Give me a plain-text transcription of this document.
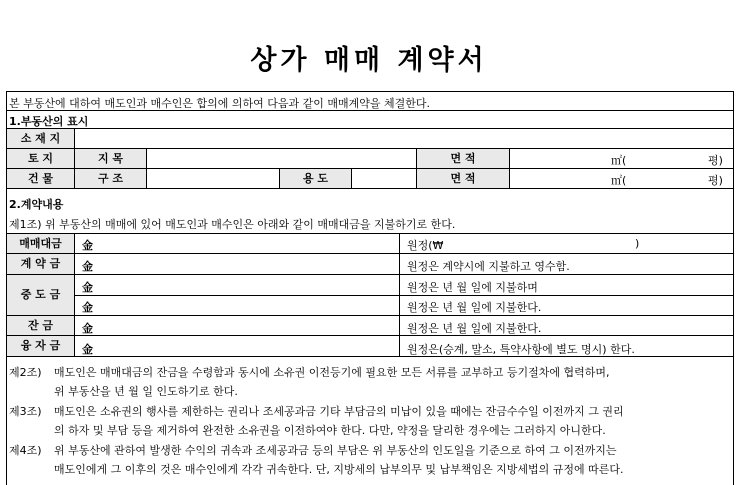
상가 매매 계약서
본 부동산에 대하여 매도인과 매수인은 합의에 의하여 다음과 같이 매매계약을 체결한다.
1.부동산의 표시
소 재 지
토 지	지 목	면 적	㎡(	평)
건 물	구 조	용 도	면 적	㎡(	평)
2.계약내용
제1조) 위 부동산의 매매에 있어 매도인과 매수인은 아래와 같이 매매대금을 지불하기로 한다.
매매대금	金	원정(₩	)
계 약 금	金	원정은 계약시에 지불하고 영수함.
중 도 금
金	원정은 년 월 일에 지불하며
金	원정은 년 월 일에 지불한다.
잔 금	金	원정은 년 월 일에 지불한다.
융 자 금	金	원정은(승계, 말소, 특약사항에 별도 명시) 한다.
제2조) 매도인은 매매대금의 잔금을 수령함과 동시에 소유권 이전등기에 필요한 모든 서류를 교부하고 등기절차에 협력하며,
위 부동산을 년 월 일 인도하기로 한다.
제3조) 매도인은 소유권의 행사를 제한하는 권리나 조세공과금 기타 부담금의 미납이 있을 때에는 잔금수수일 이전까지 그 권리
의 하자 및 부담 등을 제거하여 완전한 소유권을 이전하여야 한다. 다만, 약정을 달리한 경우에는 그러하지 아니한다.
제4조) 위 부동산에 관하여 발생한 수익의 귀속과 조세공과금 등의 부담은 위 부동산의 인도일을 기준으로 하여 그 이전까지는
매도인에게 그 이후의 것은 매수인에게 각각 귀속한다. 단, 지방세의 납부의무 및 납부책임은 지방세법의 규정에 따른다.
